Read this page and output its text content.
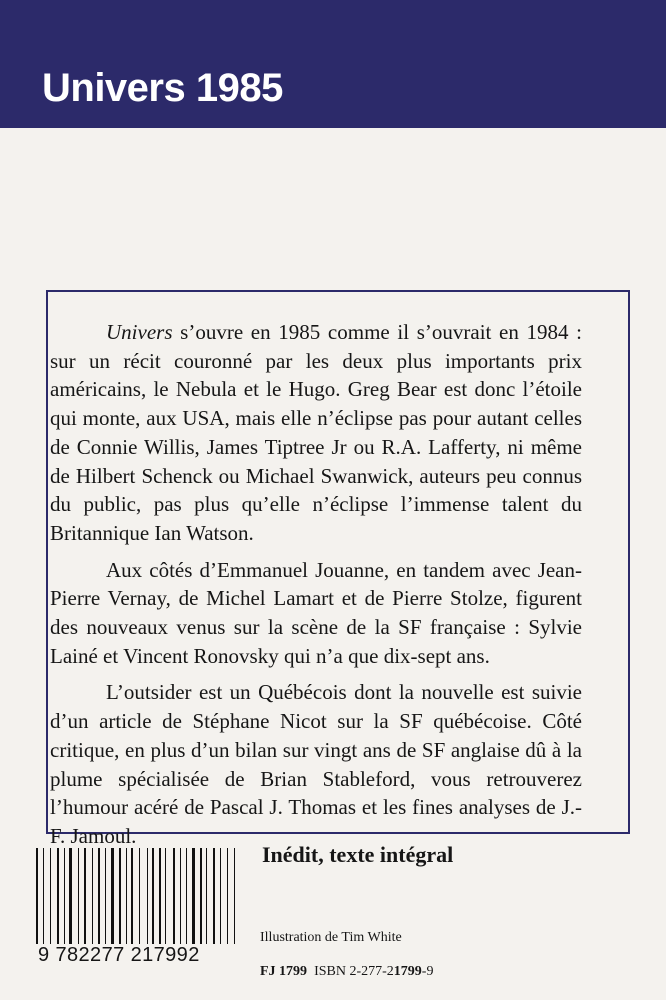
Univers 1985

Univers s’ouvre en 1985 comme il s’ouvrait en 1984 : sur un récit couronné par les deux plus importants prix américains, le Nebula et le Hugo. Greg Bear est donc l’étoile qui monte, aux USA, mais elle n’éclipse pas pour autant celles de Connie Willis, James Tiptree Jr ou R.A. Lafferty, ni même de Hilbert Schenck ou Michael Swanwick, auteurs peu connus du public, pas plus qu’elle n’éclipse l’immense talent du Britannique Ian Watson.

Aux côtés d’Emmanuel Jouanne, en tandem avec Jean-Pierre Vernay, de Michel Lamart et de Pierre Stolze, figurent des nouveaux venus sur la scène de la SF française : Sylvie Lainé et Vincent Ronovsky qui n’a que dix-sept ans.

L’outsider est un Québécois dont la nouvelle est suivie d’un article de Stéphane Nicot sur la SF québécoise. Côté critique, en plus d’un bilan sur vingt ans de SF anglaise dû à la plume spécialisée de Brian Stableford, vous retrouverez l’humour acéré de Pascal J. Thomas et les fines analyses de J.-F. Jamoul.

Inédit, texte intégral
Illustration de Tim White
FJ 1799 ISBN 2-277-21799-9
9 782277 217992
